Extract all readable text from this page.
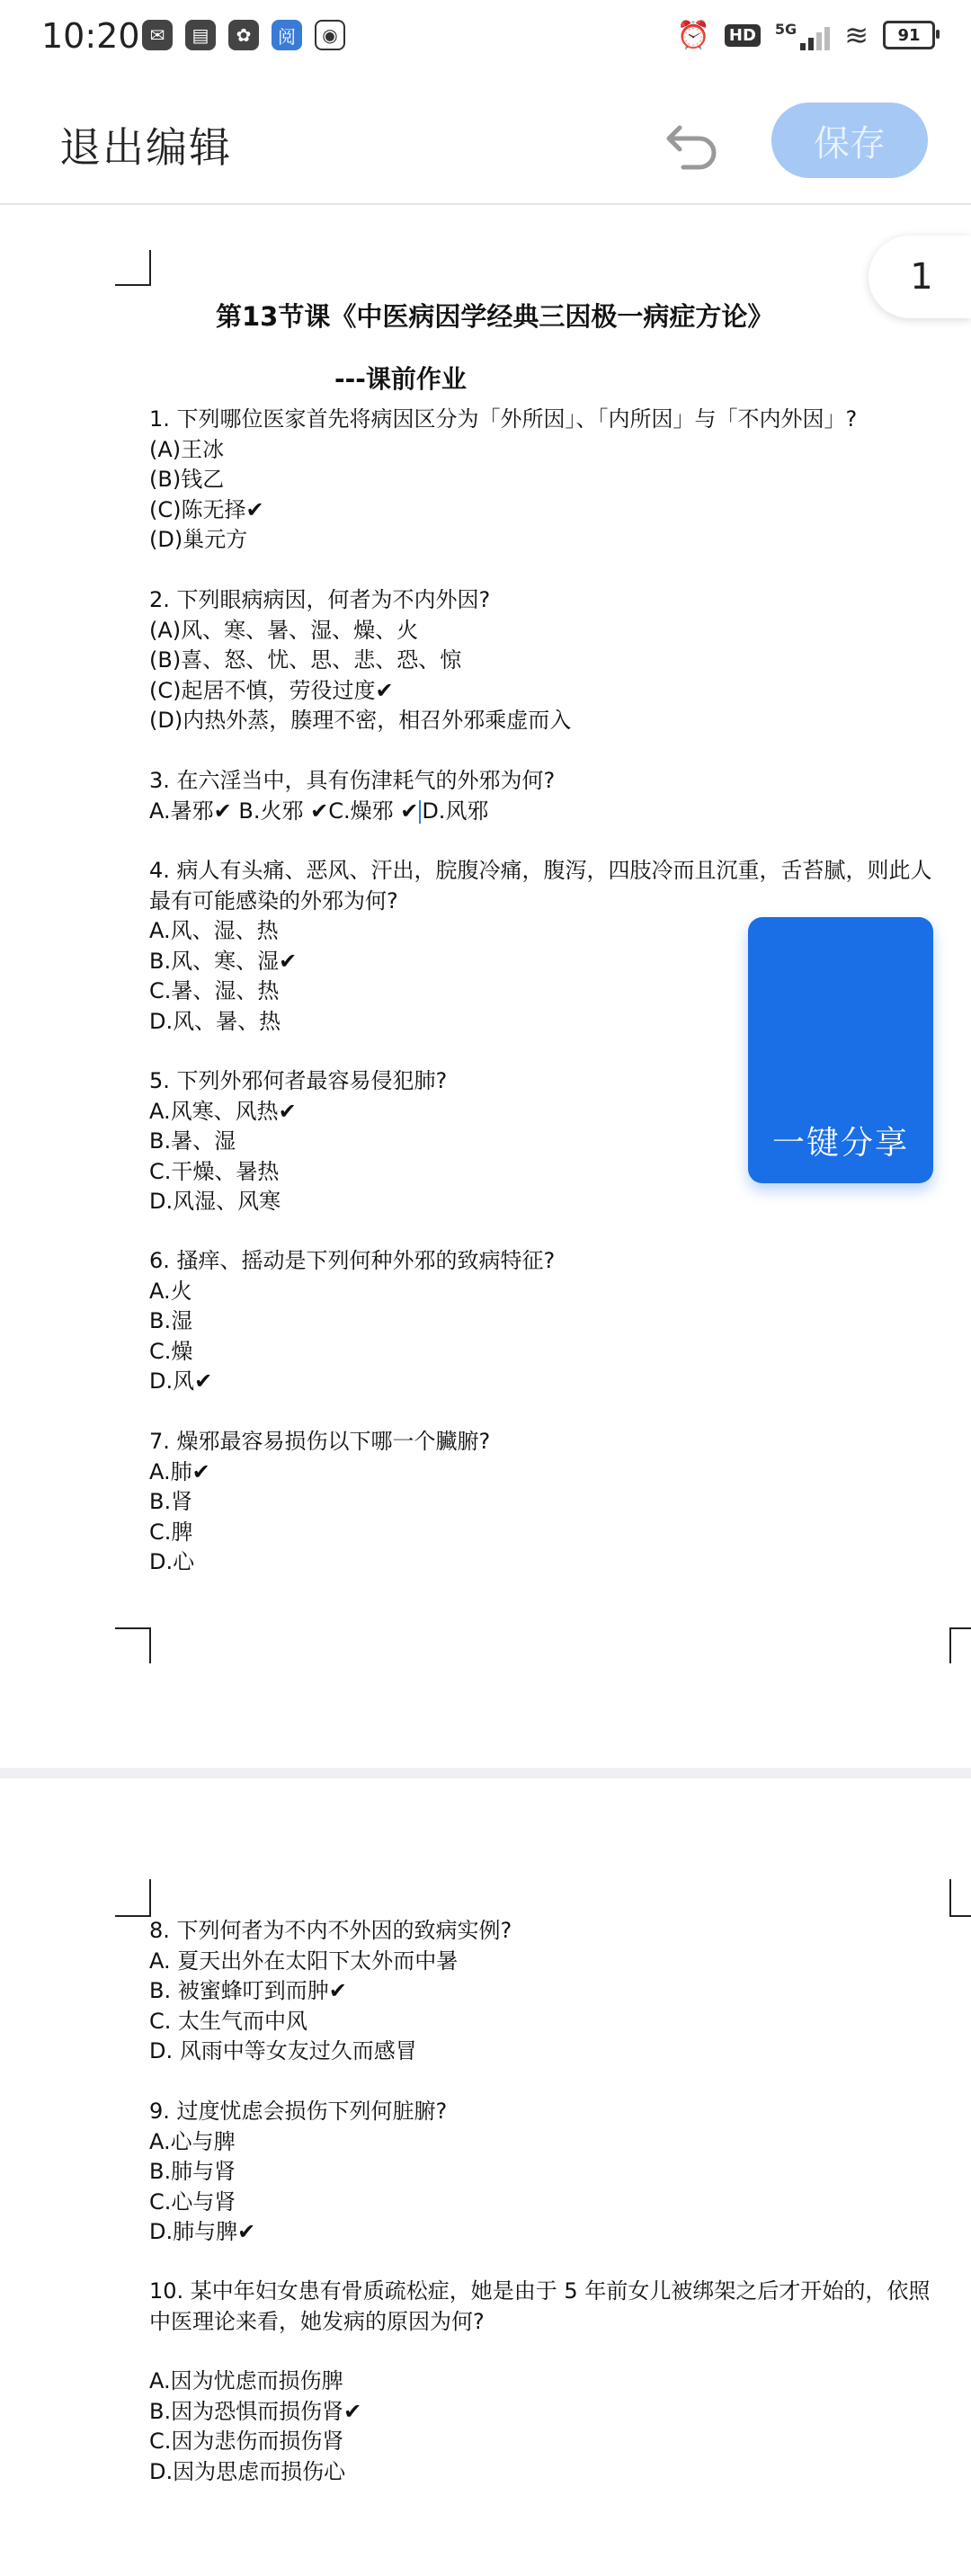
10:20 ✉	▤	✿	阅	◉	⏰ HD	5G ≋	91
退出编辑	保存
1
第13节课《中医病因学经典三因极一病症方论》
---课前作业

1. 下列哪位医家首先将病因区分为「外所因」、「内所因」与「不内外因」?

(A)王冰

(B)钱乙

(C)陈无择✔

(D)巢元方

2. 下列眼病病因，何者为不内外因?

(A)风、寒、暑、湿、燥、火

(B)喜、怒、忧、思、悲、恐、惊

(C)起居不慎，劳役过度✔

(D)内热外蒸，腠理不密，相召外邪乘虚而入

3. 在六淫当中，具有伤津耗气的外邪为何?

A.暑邪✔ B.火邪 ✔C.燥邪 ✔ D.风邪

4. 病人有头痛、恶风、汗出，脘腹冷痛，腹泻，四肢冷而且沉重，舌苔腻，则此人最有可能感染的外邪为何?

A.风、湿、热

B.风、寒、湿✔

C.暑、湿、热

D.风、暑、热

5. 下列外邪何者最容易侵犯肺?

A.风寒、风热✔

B.暑、湿

C.干燥、暑热

D.风湿、风寒

6. 搔痒、摇动是下列何种外邪的致病特征?

A.火

B.湿

C.燥

D.风✔

7. 燥邪最容易损伤以下哪一个臟腑?

A.肺✔

B.肾

C.脾

D.心

8. 下列何者为不内不外因的致病实例?

A. 夏天出外在太阳下太外而中暑

B. 被蜜蜂叮到而肿✔

C. 太生气而中风

D. 风雨中等女友过久而感冒

9. 过度忧虑会损伤下列何脏腑?

A.心与脾

B.肺与肾

C.心与肾

D.肺与脾✔

10. 某中年妇女患有骨质疏松症，她是由于 5 年前女儿被绑架之后才开始的，依照中医理论来看，她发病的原因为何?

A.因为忧虑而损伤脾

B.因为恐惧而损伤肾✔

C.因为悲伤而损伤肾

D.因为思虑而损伤心

一键分享
